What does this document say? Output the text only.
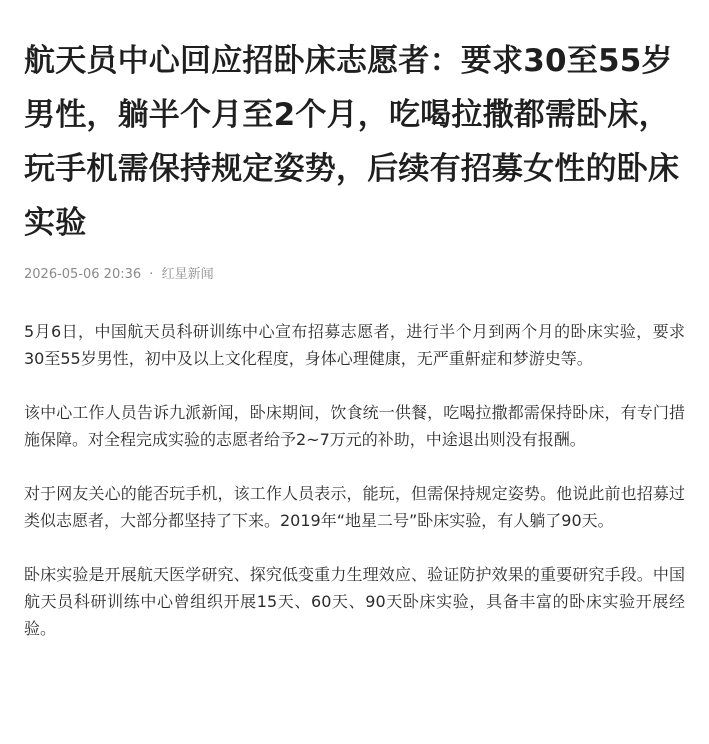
航天员中心回应招卧床志愿者：要求30至55岁男性，躺半个月至2个月，吃喝拉撒都需卧床，玩手机需保持规定姿势，后续有招募女性的卧床实验
2026-05-06 20:36 · 红星新闻

5月6日，中国航天员科研训练中心宣布招募志愿者，进行半个月到两个月的卧床实验，要求30至55岁男性，初中及以上文化程度，身体心理健康，无严重鼾症和梦游史等。

该中心工作人员告诉九派新闻，卧床期间，饮食统一供餐，吃喝拉撒都需保持卧床，有专门措施保障。对全程完成实验的志愿者给予2~7万元的补助，中途退出则没有报酬。

对于网友关心的能否玩手机，该工作人员表示，能玩，但需保持规定姿势。他说此前也招募过类似志愿者，大部分都坚持了下来。2019年“地星二号”卧床实验，有人躺了90天。

卧床实验是开展航天医学研究、探究低变重力生理效应、验证防护效果的重要研究手段。中国航天员科研训练中心曾组织开展15天、60天、90天卧床实验，具备丰富的卧床实验开展经验。
